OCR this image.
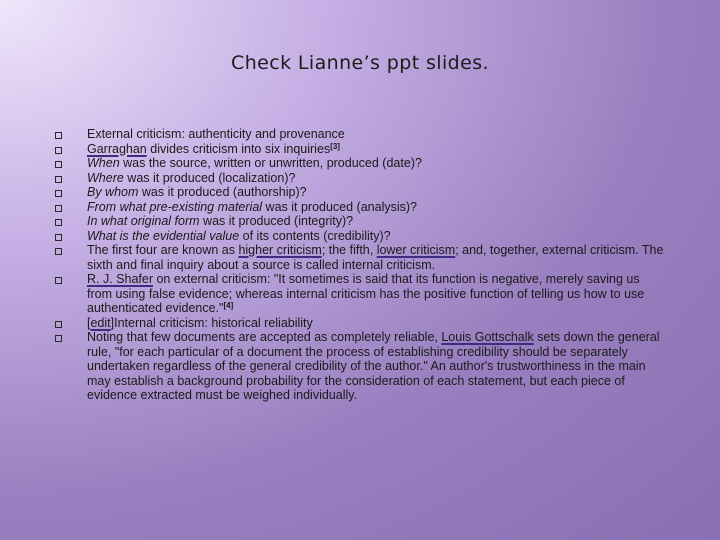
Check Lianne’s ppt slides.
External criticism: authenticity and provenance
Garraghan divides criticism into six inquiries[3]
When was the source, written or unwritten, produced (date)?
Where was it produced (localization)?
By whom was it produced (authorship)?
From what pre-existing material was it produced (analysis)?
In what original form was it produced (integrity)?
What is the evidential value of its contents (credibility)?
The first four are known as higher criticism; the fifth, lower criticism; and, together, external criticism. The sixth and final inquiry about a source is called internal criticism.
R. J. Shafer on external criticism: "It sometimes is said that its function is negative, merely saving us from using false evidence; whereas internal criticism has the positive function of telling us how to use authenticated evidence."[4]
[edit]Internal criticism: historical reliability
Noting that few documents are accepted as completely reliable, Louis Gottschalk sets down the general rule, "for each particular of a document the process of establishing credibility should be separately undertaken regardless of the general credibility of the author." An author's trustworthiness in the main may establish a background probability for the consideration of each statement, but each piece of evidence extracted must be weighed individually.
